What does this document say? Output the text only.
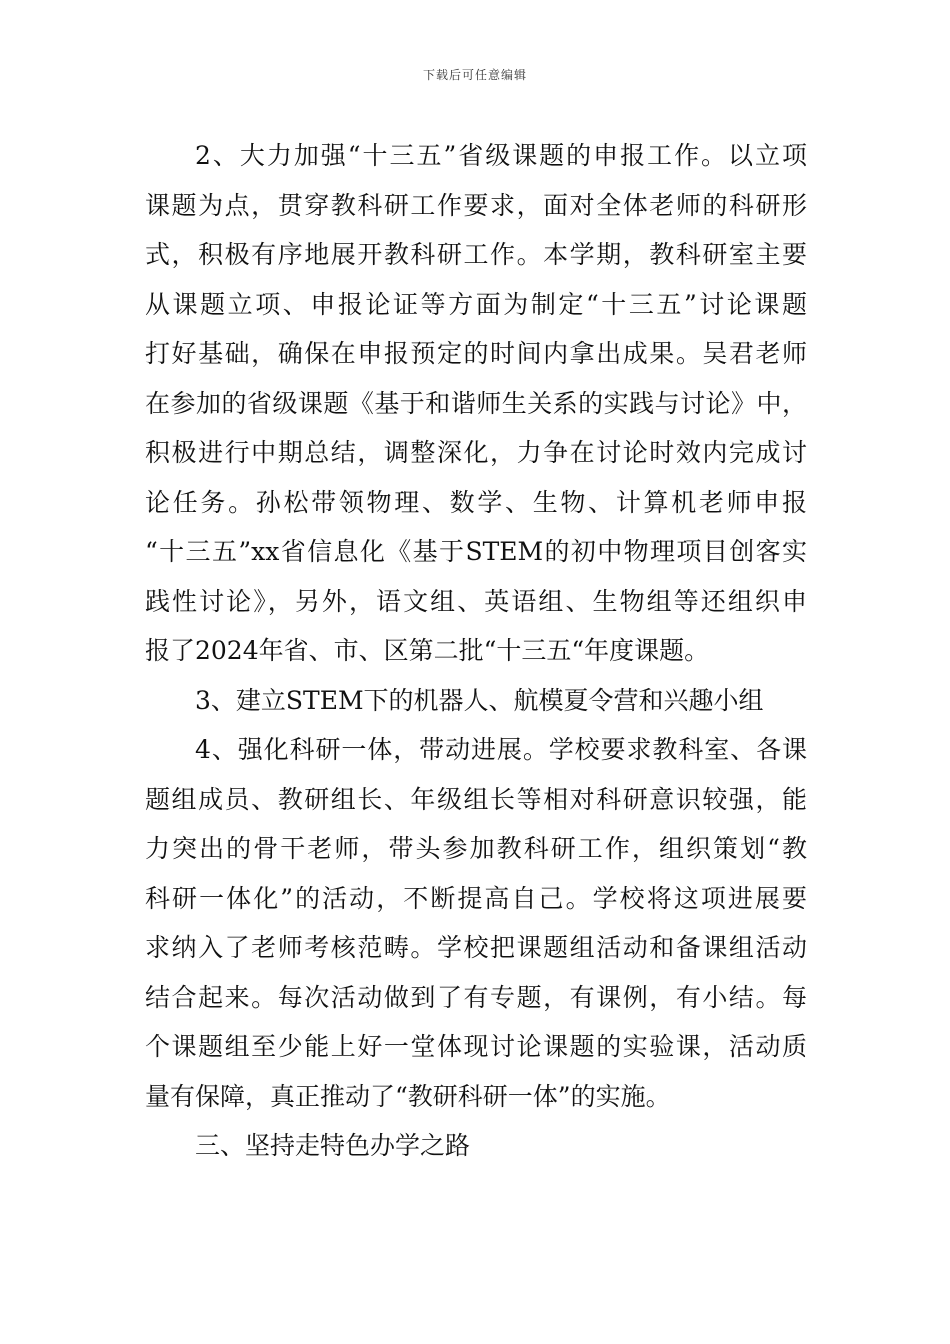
下载后可任意编辑
2、大力加强“十三五”省级课题的申报工作。以立项
课题为点，贯穿教科研工作要求，面对全体老师的科研形
式，积极有序地展开教科研工作。本学期，教科研室主要
从课题立项、申报论证等方面为制定“十三五”讨论课题
打好基础，确保在申报预定的时间内拿出成果。吴君老师
在参加的省级课题《基于和谐师生关系的实践与讨论》中，
积极进行中期总结，调整深化，力争在讨论时效内完成讨
论任务。孙松带领物理、数学、生物、计算机老师申报
“十三五”xx省信息化《基于STEM的初中物理项目创客实
践性讨论》，另外，语文组、英语组、生物组等还组织申
报了2024年省、市、区第二批“十三五“年度课题。
3、建立STEM下的机器人、航模夏令营和兴趣小组
4、强化科研一体，带动进展。学校要求教科室、各课
题组成员、教研组长、年级组长等相对科研意识较强，能
力突出的骨干老师，带头参加教科研工作，组织策划“教
科研一体化”的活动，不断提高自己。学校将这项进展要
求纳入了老师考核范畴。学校把课题组活动和备课组活动
结合起来。每次活动做到了有专题，有课例，有小结。每
个课题组至少能上好一堂体现讨论课题的实验课，活动质
量有保障，真正推动了“教研科研一体”的实施。
三、坚持走特色办学之路
